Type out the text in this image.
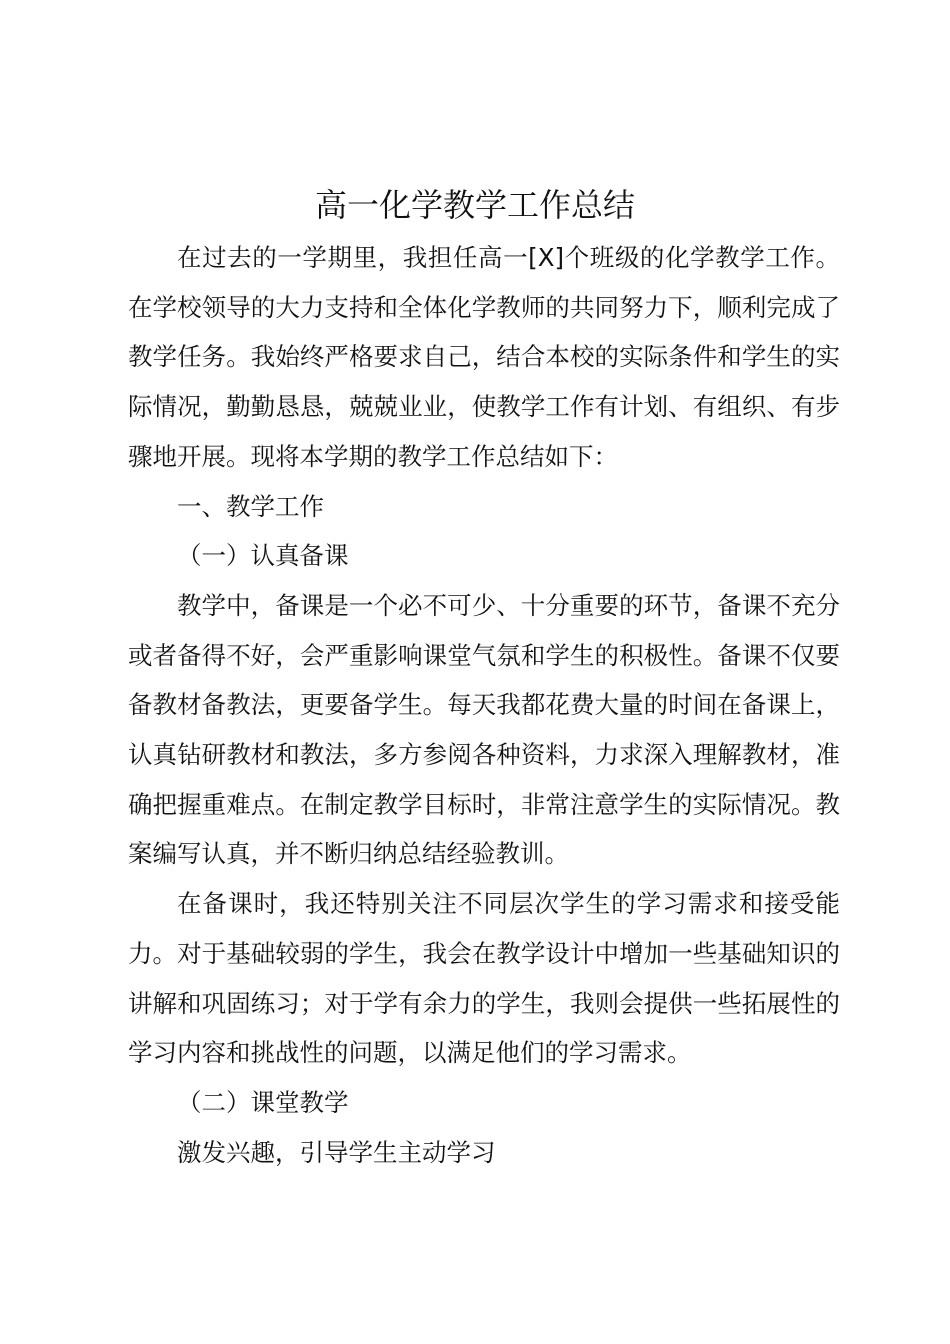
高一化学教学工作总结

在过去的一学期里，我担任高一[X]个班级的化学教学工作。在学校领导的大力支持和全体化学教师的共同努力下，顺利完成了教学任务。我始终严格要求自己，结合本校的实际条件和学生的实际情况，勤勤恳恳，兢兢业业，使教学工作有计划、有组织、有步骤地开展。现将本学期的教学工作总结如下：

一、教学工作

（一）认真备课

教学中，备课是一个必不可少、十分重要的环节，备课不充分或者备得不好，会严重影响课堂气氛和学生的积极性。备课不仅要备教材备教法，更要备学生。每天我都花费大量的时间在备课上，认真钻研教材和教法，多方参阅各种资料，力求深入理解教材，准确把握重难点。在制定教学目标时，非常注意学生的实际情况。教案编写认真，并不断归纳总结经验教训。

在备课时，我还特别关注不同层次学生的学习需求和接受能力。对于基础较弱的学生，我会在教学设计中增加一些基础知识的讲解和巩固练习；对于学有余力的学生，我则会提供一些拓展性的学习内容和挑战性的问题，以满足他们的学习需求。

（二）课堂教学

激发兴趣，引导学生主动学习
